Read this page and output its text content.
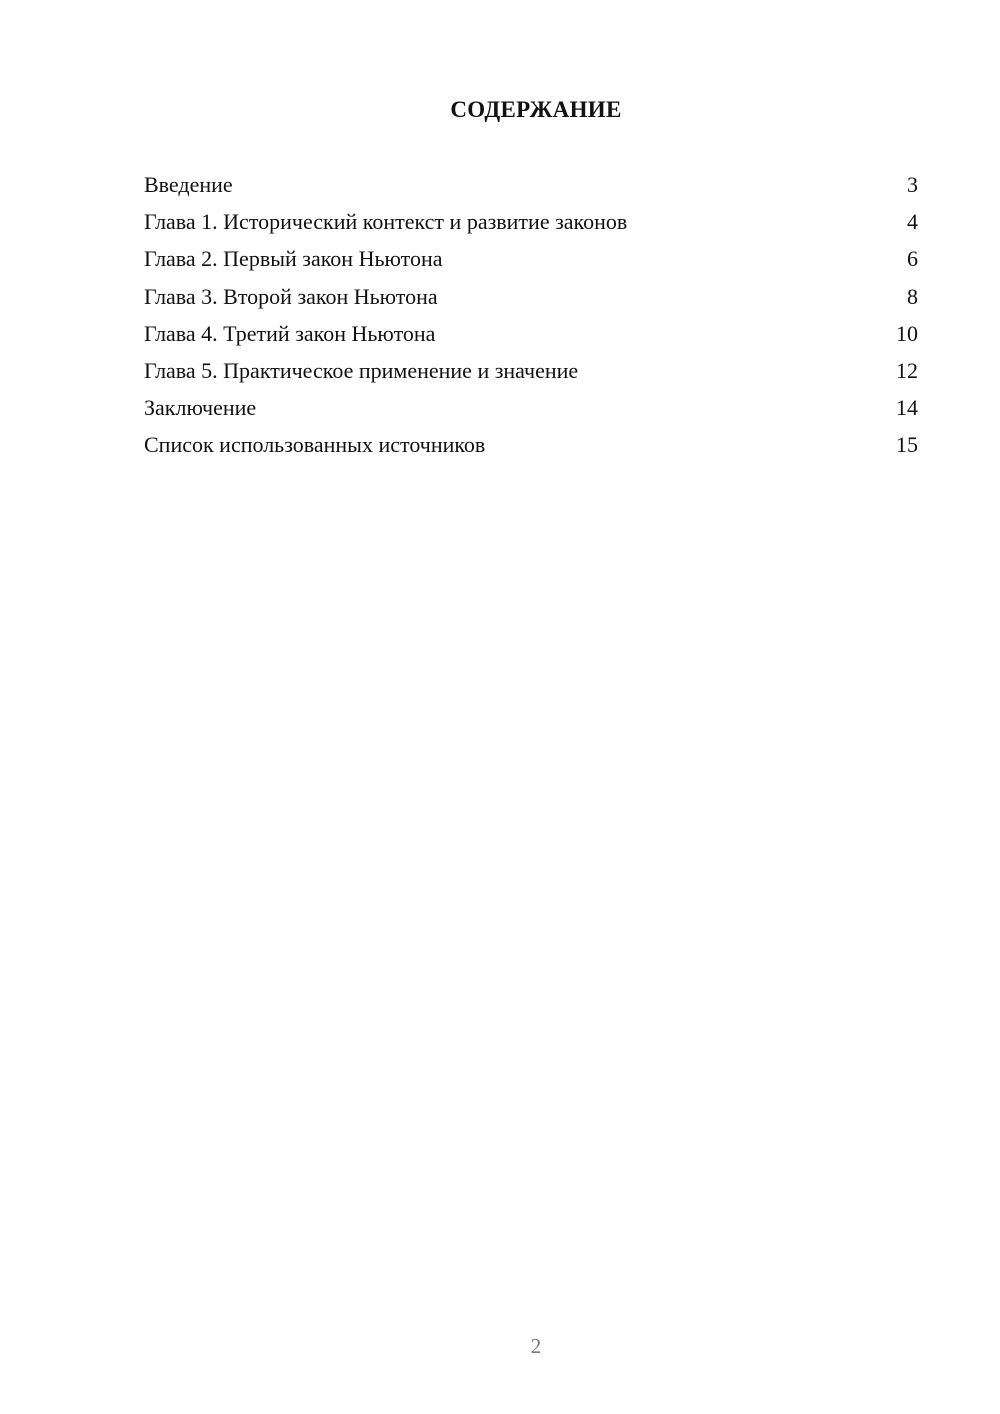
СОДЕРЖАНИЕ
Введение	3
Глава 1. Исторический контекст и развитие законов	4
Глава 2. Первый закон Ньютона	6
Глава 3. Второй закон Ньютона	8
Глава 4. Третий закон Ньютона	10
Глава 5. Практическое применение и значение	12
Заключение	14
Список использованных источников	15
2
